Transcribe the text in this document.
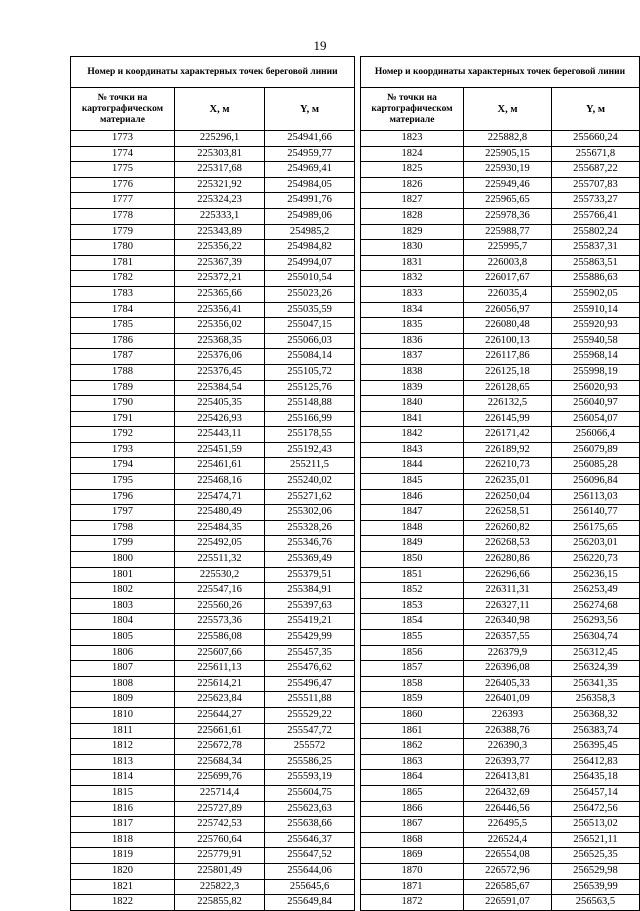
19
Номер и координаты характерных точек береговой линии		
№ точки на картографическом материале	X, м	Y, м
1773	225296,1	254941,66
1774	225303,81	254959,77
1775	225317,68	254969,41
1776	225321,92	254984,05
1777	225324,23	254991,76
1778	225333,1	254989,06
1779	225343,89	254985,2
1780	225356,22	254984,82
1781	225367,39	254994,07
1782	225372,21	255010,54
1783	225365,66	255023,26
1784	225356,41	255035,59
1785	225356,02	255047,15
1786	225368,35	255066,03
1787	225376,06	255084,14
1788	225376,45	255105,72
1789	225384,54	255125,76
1790	225405,35	255148,88
1791	225426,93	255166,99
1792	225443,11	255178,55
1793	225451,59	255192,43
1794	225461,61	255211,5
1795	225468,16	255240,02
1796	225474,71	255271,62
1797	225480,49	255302,06
1798	225484,35	255328,26
1799	225492,05	255346,76
1800	225511,32	255369,49
1801	225530,2	255379,51
1802	225547,16	255384,91
1803	225560,26	255397,63
1804	225573,36	255419,21
1805	225586,08	255429,99
1806	225607,66	255457,35
1807	225611,13	255476,62
1808	225614,21	255496,47
1809	225623,84	255511,88
1810	225644,27	255529,22
1811	225661,61	255547,72
1812	225672,78	255572
1813	225684,34	255586,25
1814	225699,76	255593,19
1815	225714,4	255604,75
1816	225727,89	255623,63
1817	225742,53	255638,66
1818	225760,64	255646,37
1819	225779,91	255647,52
1820	225801,49	255644,06
1821	225822,3	255645,6
1822	225855,82	255649,84
Номер и координаты характерных точек береговой линии		
№ точки на картографическом материале	X, м	Y, м
1823	225882,8	255660,24
1824	225905,15	255671,8
1825	225930,19	255687,22
1826	225949,46	255707,83
1827	225965,65	255733,27
1828	225978,36	255766,41
1829	225988,77	255802,24
1830	225995,7	255837,31
1831	226003,8	255863,51
1832	226017,67	255886,63
1833	226035,4	255902,05
1834	226056,97	255910,14
1835	226080,48	255920,93
1836	226100,13	255940,58
1837	226117,86	255968,14
1838	226125,18	255998,19
1839	226128,65	256020,93
1840	226132,5	256040,97
1841	226145,99	256054,07
1842	226171,42	256066,4
1843	226189,92	256079,89
1844	226210,73	256085,28
1845	226235,01	256096,84
1846	226250,04	256113,03
1847	226258,51	256140,77
1848	226260,82	256175,65
1849	226268,53	256203,01
1850	226280,86	256220,73
1851	226296,66	256236,15
1852	226311,31	256253,49
1853	226327,11	256274,68
1854	226340,98	256293,56
1855	226357,55	256304,74
1856	226379,9	256312,45
1857	226396,08	256324,39
1858	226405,33	256341,35
1859	226401,09	256358,3
1860	226393	256368,32
1861	226388,76	256383,74
1862	226390,3	256395,45
1863	226393,77	256412,83
1864	226413,81	256435,18
1865	226432,69	256457,14
1866	226446,56	256472,56
1867	226495,5	256513,02
1868	226524,4	256521,11
1869	226554,08	256525,35
1870	226572,96	256529,98
1871	226585,67	256539,99
1872	226591,07	256563,5
